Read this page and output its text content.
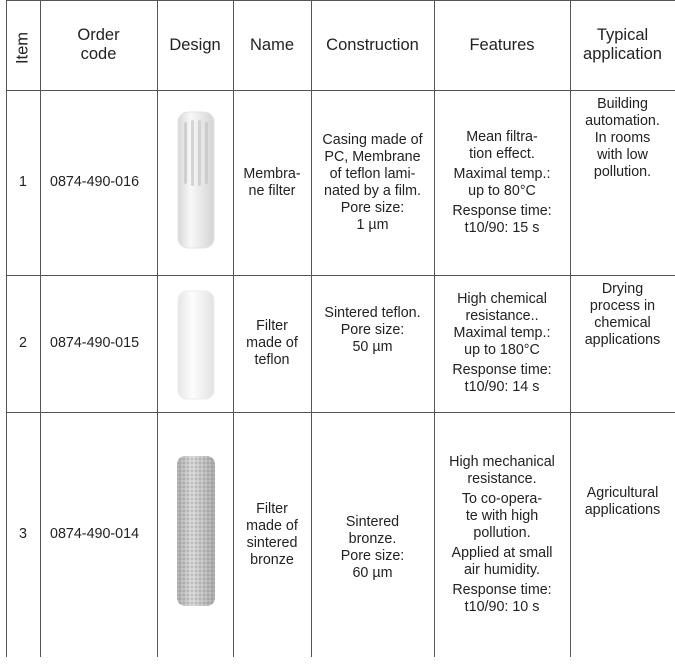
Item	Order
code
Design Name Construction	Features
Typical
application
1 0874-490-016
Membra-
ne filter
Casing made of
PC, Membrane
of teflon lami-
nated by a film.
Pore size:
1 µm
Mean filtra-
tion effect.
Maximal temp.:
up to 80°C
Response time:
t10/90: 15 s
Building
automation.
In rooms
with low
pollution.
2 0874-490-015
Filter
made of
teflon
Sintered teflon.
Pore size:
50 µm
High chemical
resistance..
Maximal temp.:
up to 180°C
Response time:
t10/90: 14 s
Drying
process in
chemical
applications
3 0874-490-014
Filter
made of
sintered
bronze
Sintered
bronze.
Pore size:
60 µm
High mechanical
resistance.
To co-opera-
te with high
pollution.
Applied at small
air humidity.
Response time:
t10/90: 10 s
Agricultural
applications
